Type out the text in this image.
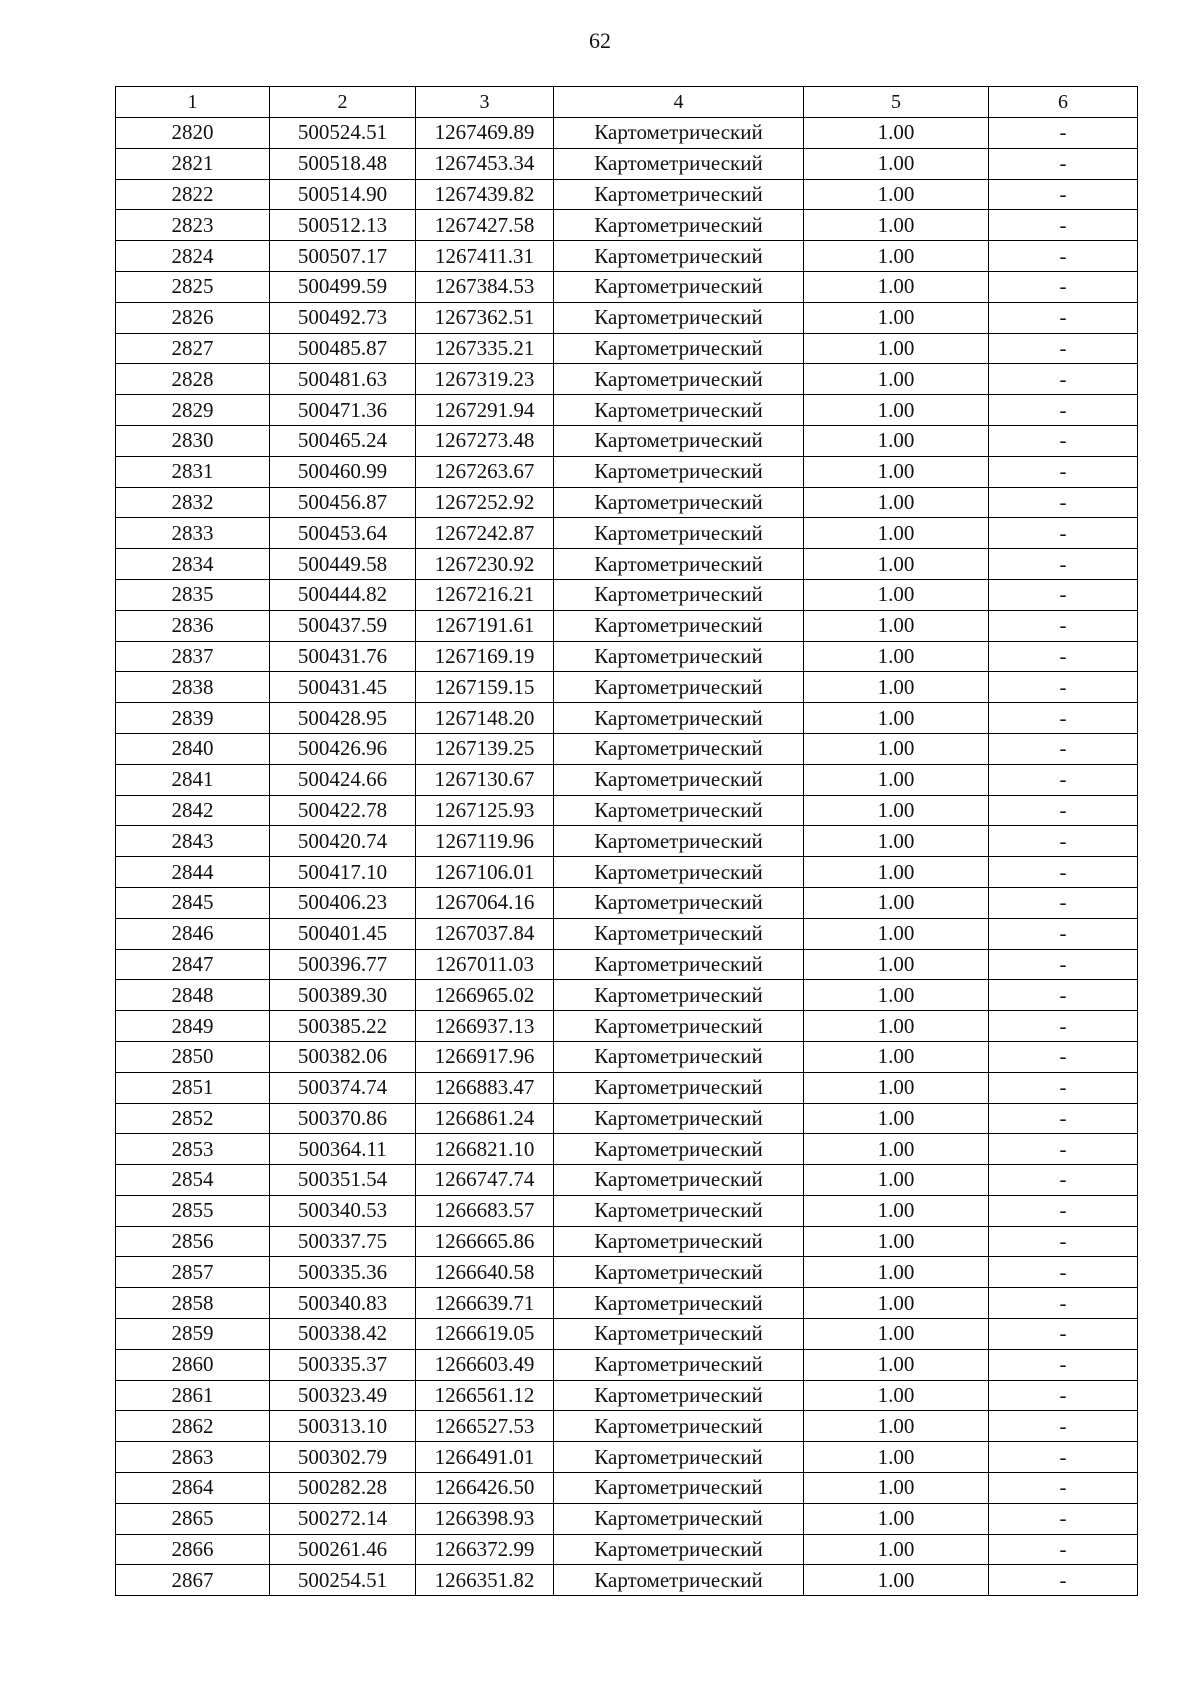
62
1	2	3	4	5	6
2820	500524.51	1267469.89	Картометрический	1.00	-
2821	500518.48	1267453.34	Картометрический	1.00	-
2822	500514.90	1267439.82	Картометрический	1.00	-
2823	500512.13	1267427.58	Картометрический	1.00	-
2824	500507.17	1267411.31	Картометрический	1.00	-
2825	500499.59	1267384.53	Картометрический	1.00	-
2826	500492.73	1267362.51	Картометрический	1.00	-
2827	500485.87	1267335.21	Картометрический	1.00	-
2828	500481.63	1267319.23	Картометрический	1.00	-
2829	500471.36	1267291.94	Картометрический	1.00	-
2830	500465.24	1267273.48	Картометрический	1.00	-
2831	500460.99	1267263.67	Картометрический	1.00	-
2832	500456.87	1267252.92	Картометрический	1.00	-
2833	500453.64	1267242.87	Картометрический	1.00	-
2834	500449.58	1267230.92	Картометрический	1.00	-
2835	500444.82	1267216.21	Картометрический	1.00	-
2836	500437.59	1267191.61	Картометрический	1.00	-
2837	500431.76	1267169.19	Картометрический	1.00	-
2838	500431.45	1267159.15	Картометрический	1.00	-
2839	500428.95	1267148.20	Картометрический	1.00	-
2840	500426.96	1267139.25	Картометрический	1.00	-
2841	500424.66	1267130.67	Картометрический	1.00	-
2842	500422.78	1267125.93	Картометрический	1.00	-
2843	500420.74	1267119.96	Картометрический	1.00	-
2844	500417.10	1267106.01	Картометрический	1.00	-
2845	500406.23	1267064.16	Картометрический	1.00	-
2846	500401.45	1267037.84	Картометрический	1.00	-
2847	500396.77	1267011.03	Картометрический	1.00	-
2848	500389.30	1266965.02	Картометрический	1.00	-
2849	500385.22	1266937.13	Картометрический	1.00	-
2850	500382.06	1266917.96	Картометрический	1.00	-
2851	500374.74	1266883.47	Картометрический	1.00	-
2852	500370.86	1266861.24	Картометрический	1.00	-
2853	500364.11	1266821.10	Картометрический	1.00	-
2854	500351.54	1266747.74	Картометрический	1.00	-
2855	500340.53	1266683.57	Картометрический	1.00	-
2856	500337.75	1266665.86	Картометрический	1.00	-
2857	500335.36	1266640.58	Картометрический	1.00	-
2858	500340.83	1266639.71	Картометрический	1.00	-
2859	500338.42	1266619.05	Картометрический	1.00	-
2860	500335.37	1266603.49	Картометрический	1.00	-
2861	500323.49	1266561.12	Картометрический	1.00	-
2862	500313.10	1266527.53	Картометрический	1.00	-
2863	500302.79	1266491.01	Картометрический	1.00	-
2864	500282.28	1266426.50	Картометрический	1.00	-
2865	500272.14	1266398.93	Картометрический	1.00	-
2866	500261.46	1266372.99	Картометрический	1.00	-
2867	500254.51	1266351.82	Картометрический	1.00	-
